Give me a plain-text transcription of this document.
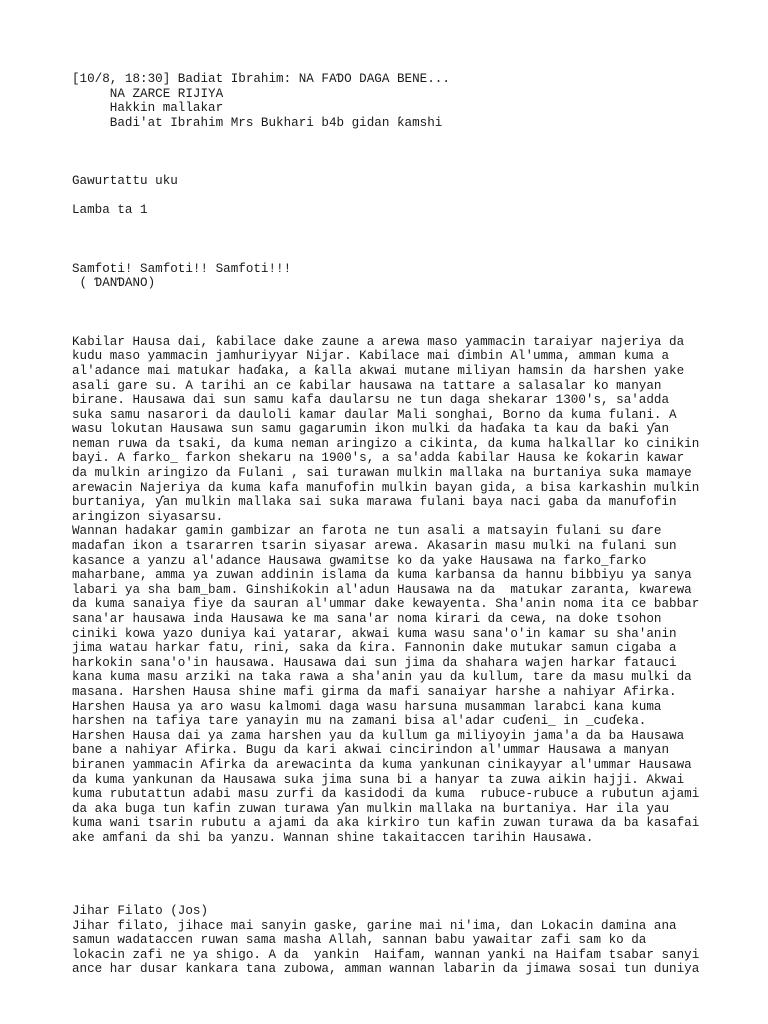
[10/8, 18:30] Badiat Ibrahim: NA FAƊO DAGA BENE...
NA ZARCE RIJIYA
Hakkin mallakar
Badi'at Ibrahim Mrs Bukhari b4b gidan ƙamshi
Gawurtattu uku
Lamba ta 1
Samfoti! Samfoti!! Samfoti!!!
( ƊANƊANO)
Kabilar Hausa dai, ƙabilace dake zaune a arewa maso yammacin taraiyar najeriya da
kudu maso yammacin jamhuriyyar Nijar. Kabilace mai ɗimbin Al'umma, amman kuma a
al'adance mai matukar haɗaka, a ƙalla akwai mutane miliyan hamsin da harshen yake
asali gare su. A tarihi an ce ƙabilar hausawa na tattare a salasalar ko manyan
birane. Hausawa dai sun samu kafa daularsu ne tun daga shekarar 1300's, sa'adda
suka samu nasarori da dauloli kamar daular Mali songhai, Borno da kuma fulani. A
wasu lokutan Hausawa sun samu gagarumin ikon mulki da haɗaka ta kau da baƙi ƴan
neman ruwa da tsaki, da kuma neman aringizo a cikinta, da kuma halkallar ko cinikin
bayi. A farko_ farkon shekaru na 1900's, a sa'adda ƙabilar Hausa ke ƙokarin kawar
da mulkin aringizo da Fulani , sai turawan mulkin mallaka na burtaniya suka mamaye
arewacin Najeriya da kuma kafa manufofin mulkin bayan gida, a bisa karkashin mulkin
burtaniya, ƴan mulkin mallaka sai suka marawa fulani baya naci gaba da manufofin
aringizon siyasarsu.
Wannan hadakar gamin gambizar an farota ne tun asali a matsayin fulani su ɗare
madafan ikon a tsararren tsarin siyasar arewa. Akasarin masu mulki na fulani sun
kasance a yanzu al'adance Hausawa gwamitse ko da yake Hausawa na farko_farko
maharbane, amma ya zuwan addinin islama da kuma karbansa da hannu bibbiyu ya sanya
labari ya sha bam_bam. Ginshiƙokin al'adun Hausawa na da  matukar zaranta, kwarewa
da kuma sanaiya fiye da sauran al'ummar dake kewayenta. Sha'anin noma ita ce babbar
sana'ar hausawa inda Hausawa ke ma sana'ar noma kirari da cewa, na doke tsohon
ciniki kowa yazo duniya kai yatarar, akwai kuma wasu sana'o'in kamar su sha'anin
jima watau harkar fatu, rini, saka da ƙira. Fannonin dake mutukar samun cigaba a
harkokin sana'o'in hausawa. Hausawa dai sun jima da shahara wajen harkar fatauci
kana kuma masu arziki na taka rawa a sha'anin yau da kullum, tare da masu mulki da
masana. Harshen Hausa shine mafi girma da mafi sanaiyar harshe a nahiyar Afirka.
Harshen Hausa ya aro wasu kalmomi daga wasu harsuna musamman larabci kana kuma
harshen na tafiya tare yanayin mu na zamani bisa al'adar cuɗeni_ in _cuɗeka.
Harshen Hausa dai ya zama harshen yau da kullum ga miliyoyin jama'a da ba Hausawa
bane a nahiyar Afirka. Bugu da kari akwai cincirindon al'ummar Hausawa a manyan
biranen yammacin Afirka da arewacinta da kuma yankunan cinikayyar al'ummar Hausawa
da kuma yankunan da Hausawa suka jima suna bi a hanyar ta zuwa aikin hajji. Akwai
kuma rubutattun adabi masu zurfi da kasidodi da kuma  rubuce-rubuce a rubutun ajami
da aka buga tun kafin zuwan turawa ƴan mulkin mallaka na burtaniya. Har ila yau
kuma wani tsarin rubutu a ajami da aka kirkiro tun kafin zuwan turawa da ba kasafai
ake amfani da shi ba yanzu. Wannan shine takaitaccen tarihin Hausawa.
Jihar Filato (Jos)
Jihar filato, jihace mai sanyin gaske, garine mai ni'ima, dan Lokacin damina ana
samun wadataccen ruwan sama masha Allah, sannan babu yawaitar zafi sam ko da
lokacin zafi ne ya shigo. A da  yankin  Haifam, wannan yanki na Haifam tsabar sanyi
ance har dusar kankara tana zubowa, amman wannan labarin da jimawa sosai tun duniya
